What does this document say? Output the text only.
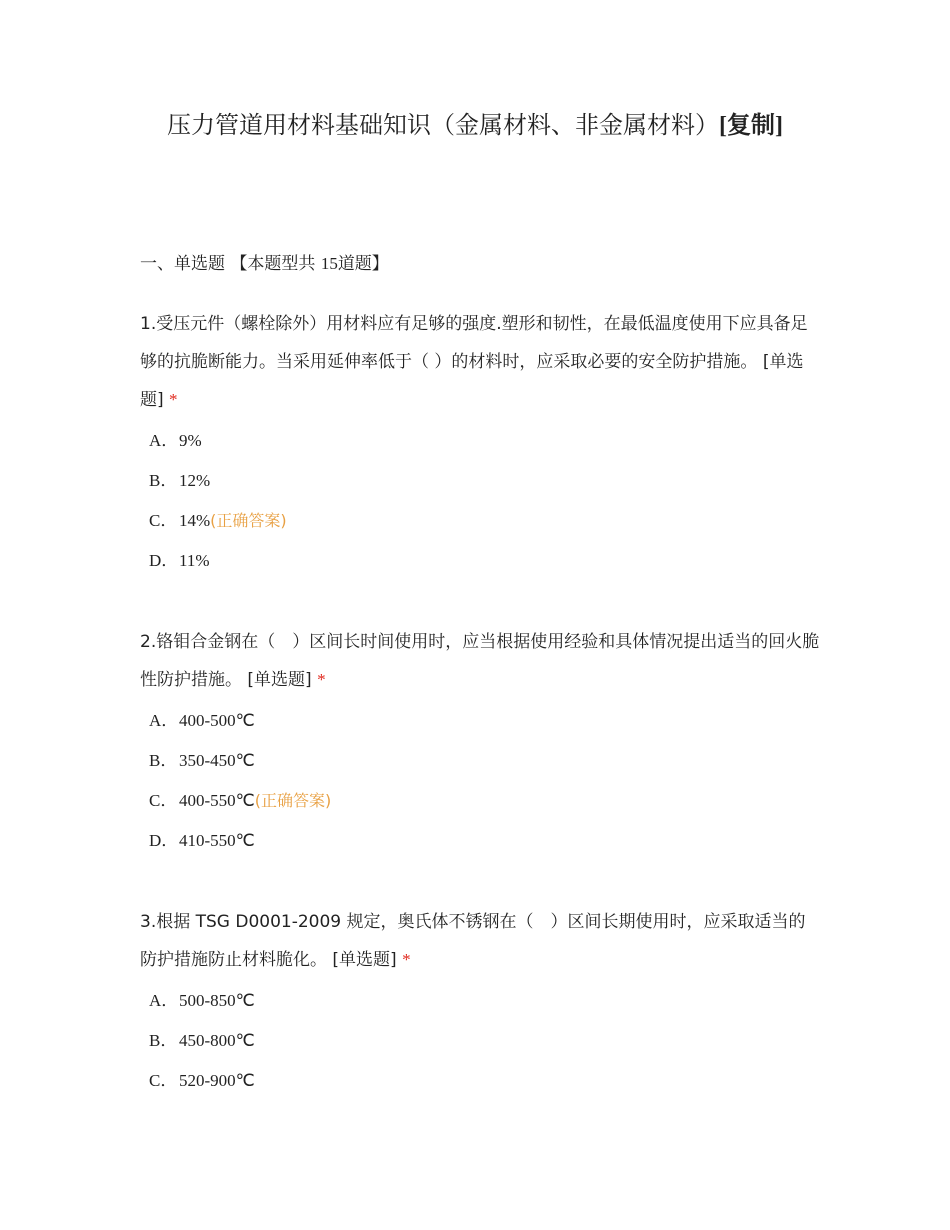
压力管道用材料基础知识（金属材料、非金属材料）[复制]
一、单选题 【本题型共 15道题】

1.受压元件（螺栓除外）用材料应有足够的强度.塑形和韧性，在最低温度使用下应具备足够的抗脆断能力。当采用延伸率低于（ ）的材料时，应采取必要的安全防护措施。 [单选题] *

A．9%
B．12%
C．14%(正确答案)
D．11%

2.铬钼合金钢在（　）区间长时间使用时，应当根据使用经验和具体情况提出适当的回火脆性防护措施。 [单选题] *

A．400-500℃
B．350-450℃
C．400-550℃(正确答案)
D．410-550℃

3.根据 TSG D0001-2009 规定，奥氏体不锈钢在（　）区间长期使用时，应采取适当的防护措施防止材料脆化。 [单选题] *

A．500-850℃
B．450-800℃
C．520-900℃
